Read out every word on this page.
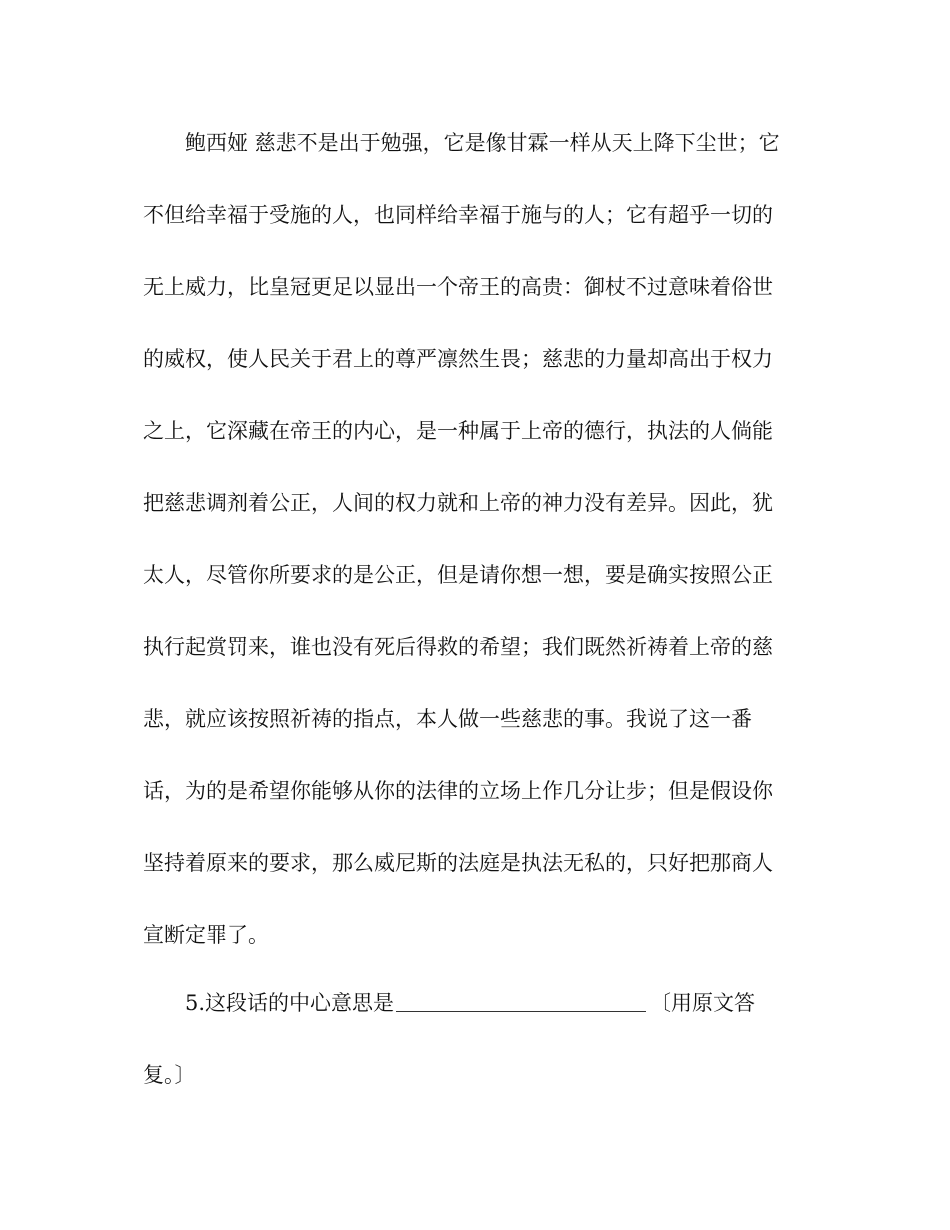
鲍西娅 慈悲不是出于勉强，它是像甘霖一样从天上降下尘世；它
不但给幸福于受施的人，也同样给幸福于施与的人；它有超乎一切的
无上威力，比皇冠更足以显出一个帝王的高贵：御杖不过意味着俗世
的威权，使人民关于君上的尊严凛然生畏；慈悲的力量却高出于权力
之上，它深藏在帝王的内心，是一种属于上帝的德行，执法的人倘能
把慈悲调剂着公正，人间的权力就和上帝的神力没有差异。因此，犹
太人，尽管你所要求的是公正，但是请你想一想，要是确实按照公正
执行起赏罚来，谁也没有死后得救的希望；我们既然祈祷着上帝的慈
悲，就应该按照祈祷的指点，本人做一些慈悲的事。我说了这一番
话，为的是希望你能够从你的法律的立场上作几分让步；但是假设你
坚持着原来的要求，那么威尼斯的法庭是执法无私的，只好把那商人
宣断定罪了。
5.这段话的中心意思是	〔用原文答
复。〕
